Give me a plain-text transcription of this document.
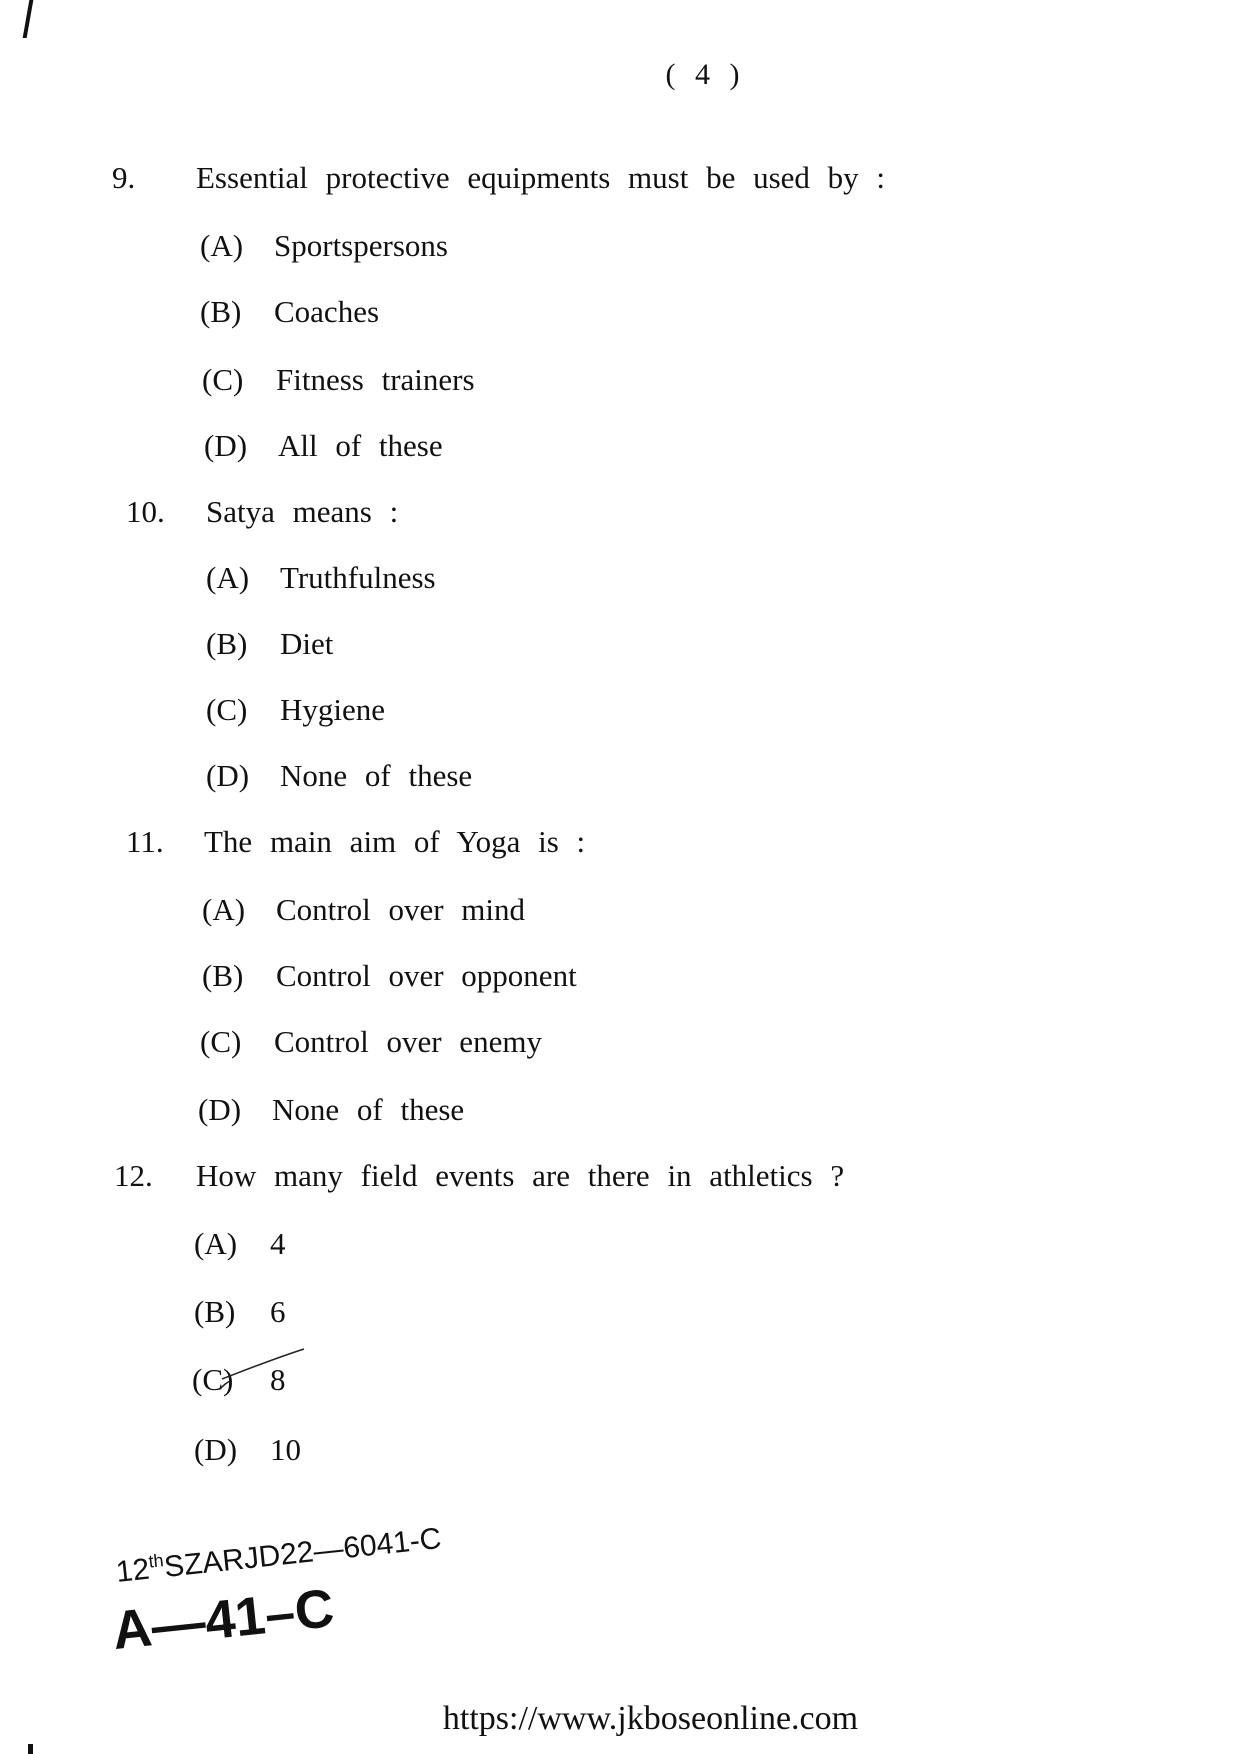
( 4 )
9. Essential protective equipments must be used by :
(A) Sportspersons
(B) Coaches
(C) Fitness trainers
(D) All of these
10. Satya means :
(A) Truthfulness
(B) Diet
(C) Hygiene
(D) None of these
11. The main aim of Yoga is :
(A) Control over mind
(B) Control over opponent
(C) Control over enemy
(D) None of these
12. How many field events are there in athletics ?
(A) 4
(B) 6
(C) 8
(D) 10
12thSZARJD22—6041-C
A—41–C
https://www.jkboseonline.com
